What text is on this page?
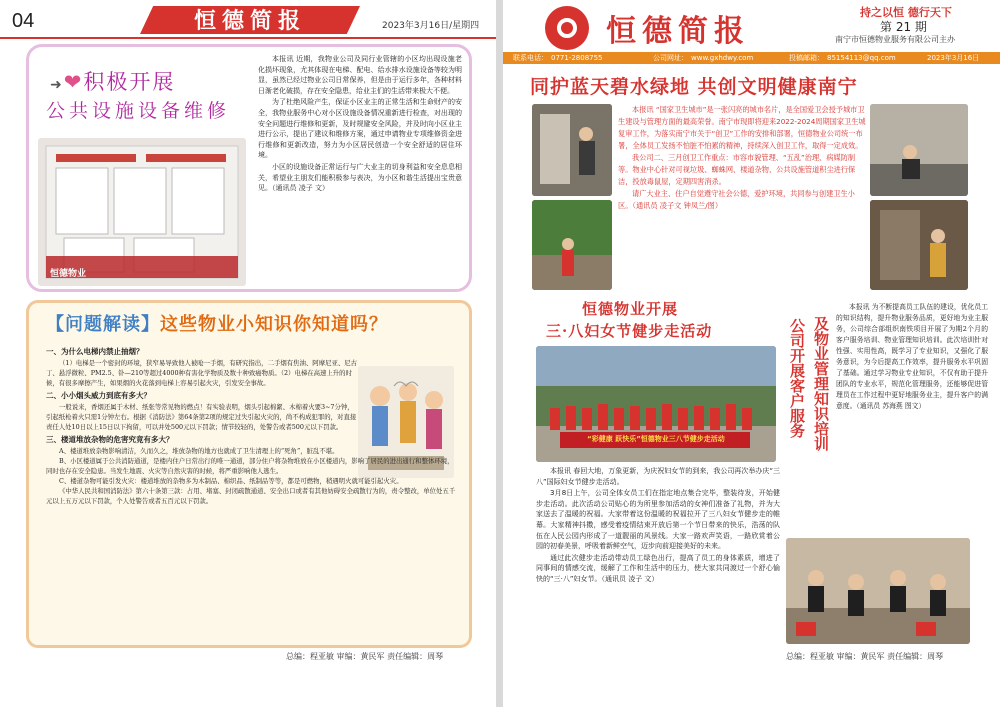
04	恒德简报	2023年3月16日/星期四
➜❤积极开展
公共设施设备维修
恒德物业

本报讯 近期，我物业公司及同行业管辖的小区均出现设施老化损坏现象，尤其体现在电梯、配电、给水排水设施设备等较为明显，虽然已经过物业公司日常保养，但是由于运行多年，各种材料日渐老化破损，存在安全隐患，给业主们的生活带来极大不便。

为了杜绝风险产生，保证小区业主的正常生活和生命财产的安全，我物业服务中心对小区设施设备情况重新进行检查，对出现的安全问题进行维修和更新，及时规避安全风险，并及时向小区业主进行公示，提出了建议和维修方案，通过申请物业专项维修资金进行维修和更新改造，努力为小区居民创造一个安全舒适的居住环境。

小区的设施设备正常运行与广大业主的切身利益和安全息息相关，希望业主朋友们能积极参与表决，为小区和谐生活提出宝贵意见。（通讯员 凌子 文）

【问题解读】这些物业小知识你知道吗？
一、为什么电梯内禁止抽烟？

（1）电梯是一个密封的环境，狭窄易导致他人被呛一手烟，有研究指出，二手烟有焦油、阿摩尼亚、尼古丁、悬浮微粒、PM2.5、钋—210等超过4000种有害化学物质及数十种致癌物质。（2）电梯在高速上升的时候，有很多摩擦产生，如果烟的火花落到电梯上容易引起火灾，引发安全事故。

二、小小烟头威力到底有多大？

一般说来，香烟还属于木材、纸张等常见物的燃点！有实验表明，烟头引起棉絮、木棉着火要3~7分钟，引起纸枪着火只需1分钟左右。根据《消防法》第64条第2项的规定过失引起火灾的，尚不构成犯罪的，对直接责任人处10日以上15日以下拘留，可以并处500元以下罚款；情节较轻的，处警告或者500元以下罚款。

三、楼道堆放杂物的危害究竟有多大？

A、楼道堆放杂物影响清洁，久而久之，堆放杂物的地方也就成了卫生清理上的“死角”，脏乱不堪。

B、小区楼道属于公共消防通道，是楼内住户日常出行的唯一通道，部分住户将杂物堆放在小区楼道内，影响了居民的进出通行和整体环境，同时也存在安全隐患。当发生地震、火灾等自然灾害的时候，将严重影响他人逃生。

C、楼道杂物可能引发火灾：楼道堆放的杂物多为木制品、棉织品、纸制品等等，都是可燃物，稍遇明火就可能引起火灾。

《中华人民共和国消防法》第六十条第三款：占用、堵塞、封闭疏散通道、安全出口或者有其他妨碍安全疏散行为的，责令整改，单位处五千元以上五万元以下罚款，个人处警告或者五百元以下罚款。

总编：程亚敏 审编：黄民军 责任编辑：周琴
恒德简报
持之以恒 德行天下
第 21 期
南宁市恒德物业服务有限公司主办
联系电话： 0771-2808755	公司网址： www.gxhdwy.com	投稿邮箱： 85154113@qq.com	2023年3月16日
同护蓝天碧水绿地 共创文明健康南宁

本报讯 “国家卫生城市”是一张闪亮的城市名片，是全国爱卫会授予城市卫生建设与管理方面的最高荣誉。南宁市现即将迎来2022-2024周期国家卫生城复审工作，为落实南宁市关于“创卫”工作的安排和部署，恒德物业公司统一布署，全体员工发扬不怕脏不怕累的精神，持续深入创卫工作，取得一定成效。

我公司二、三月创卫工作重点：市容市貌管理、“五乱”治理、病媒防制等。物业中心针对可视垃圾、蜘蛛网、楼道杂物、公共设施管道积尘进行保洁，投放毒鼠屋，定期四害消杀。

请广大业主、住户自觉遵守社会公德，爱护环境，共同参与创建卫生小区。（通讯员 凌子文 钟凤兰/图）

恒德物业开展
三·八妇女节健步走活动
“彩健康 跃快乐”恒德物业三八节健步走活动

本报讯 春回大地，万象更新，为庆祝妇女节的到来，我公司再次举办庆“三八”国际妇女节健步走活动。

3月8日上午，公司全体女员工们在指定地点集合完毕，整装待发，开始健步走活动。此次活动公司贴心的为所里参加活动的女神们准备了礼物，并为大家送去了温暖的祝福。大家带着这份温暖的祝福拉开了三八妇女节健步走的帷幕。大家精神抖擞，感受着疫情结束开放后第一个节日带来的快乐，浩荡的队伍在人民公园内形成了一道靓丽的风景线。大家一路欢声笑语，一路欣赏着公园的初春美景，呼吸着新鲜空气，迈步向前迎接美好的未来。

通过此次健步走活动带动员工绿色出行，提高了员工的身体素质，增进了同事间的情感交流，缓解了工作和生活中的压力，使大家共同渡过一个舒心愉快的“三·八”妇女节。（通讯员 凌子 文）

及物业管理知识培训
公司开展客户服务

本报讯 为不断提高员工队伍的建设，优化员工的知识结构，提升物业服务品质，更好地为业主服务，公司综合部组织南铁项目开展了为期2个月的客户服务培训、物业管理知识培训。此次培训针对性强、实用性高，既学习了专业知识，又强化了服务意识，为今后提高工作效率，提升服务水平巩固了基础。通过学习物业专业知识，不仅有助于提升团队的专业水平，规范化管理服务，还能够促进管理员在工作过程中更好地服务业主，提升客户的满意度。（通讯员 苏海燕 图文）

总编：程亚敏 审编：黄民军 责任编辑：周琴
